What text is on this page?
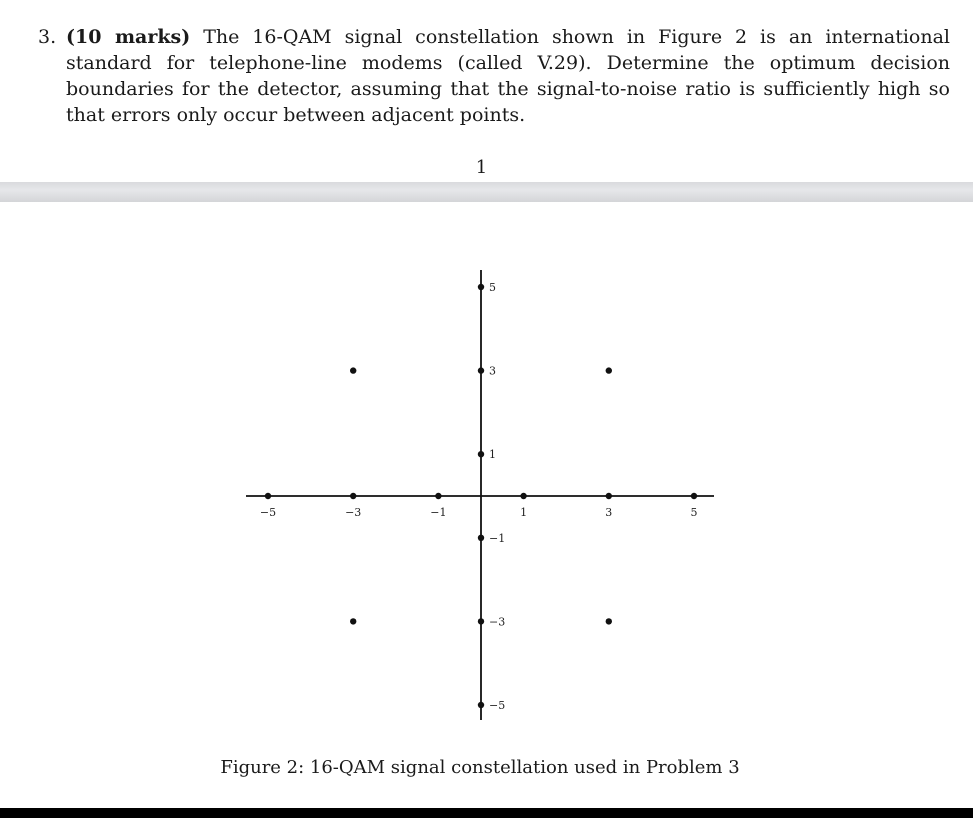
3. (10 marks) The 16-QAM signal constellation shown in Figure 2 is an international standard for telephone-line modems (called V.29). Determine the optimum decision boundaries for the detector, assuming that the signal-to-noise ratio is sufficiently high so that errors only occur between adjacent points.
1
−5	−3	−1	1	3	5
5
3
1
−1
−3
−5
Figure 2: 16-QAM signal constellation used in Problem 3
